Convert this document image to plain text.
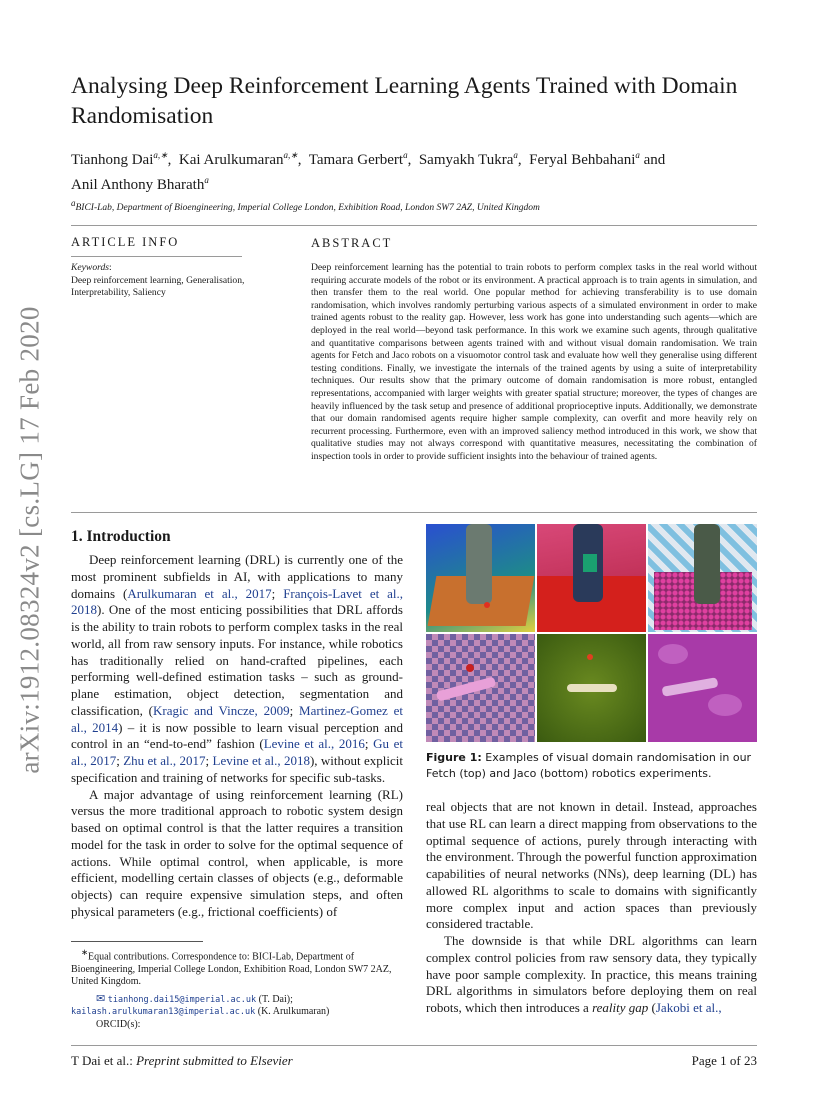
arXiv:1912.08324v2 [cs.LG] 17 Feb 2020
Analysing Deep Reinforcement Learning Agents Trained with Domain
Randomisation
Tianhong Dai$^{a,∗}$,  Kai Arulkumaran$^{a,∗}$,  Tamara Gerbert$^a$,  Samyakh Tukra$^a$,  Feryal Behbahani$^a$ and
Anil Anthony Bharath$^a$
$^a$BICI-Lab, Department of Bioengineering, Imperial College London, Exhibition Road, London SW7 2AZ, United Kingdom
ARTICLE INFO	ABSTRACT
Keywords:
Deep reinforcement learning, Generalisation, Interpretability, Saliency
Deep reinforcement learning has the potential to train robots to perform complex tasks in the real world without requiring accurate models of the robot or its environment. A practical approach is to train agents in simulation, and then transfer them to the real world. One popular method for achieving transferability is to use domain randomisation, which involves randomly perturbing various aspects of a simulated environment in order to make trained agents robust to the reality gap. However, less work has gone into understanding such agents—which are deployed in the real world—beyond task performance. In this work we examine such agents, through qualitative and quantitative comparisons between agents trained with and without visual domain randomisation. We train agents for Fetch and Jaco robots on a visuomotor control task and evaluate how well they generalise using different testing conditions. Finally, we investigate the internals of the trained agents by using a suite of interpretability techniques. Our results show that the primary outcome of domain randomisation is more robust, entangled representations, accompanied with larger weights with greater spatial structure; moreover, the types of changes are heavily influenced by the task setup and presence of additional proprioceptive inputs. Additionally, we demonstrate that our domain randomised agents require higher sample complexity, can overfit and more heavily rely on recurrent processing. Furthermore, even with an improved saliency method introduced in this work, we show that qualitative studies may not always correspond with quantitative measures, necessitating the combination of inspection tools in order to provide sufficient insights into the behaviour of trained agents.
1. Introduction

Deep reinforcement learning (DRL) is currently one of the most prominent subfields in AI, with applications to many domains (Arulkumaran et al., 2017; François-Lavet et al., 2018). One of the most enticing possibilities that DRL affords is the ability to train robots to perform complex tasks in the real world, all from raw sensory inputs. For instance, while robotics has traditionally relied on hand-crafted pipelines, each performing well-defined estimation tasks – such as ground-plane estimation, object detection, segmentation and classification, (Kragic and Vincze, 2009; Martinez-Gomez et al., 2014) – it is now possible to learn visual perception and control in an “end-to-end” fashion (Levine et al., 2016; Gu et al., 2017; Zhu et al., 2017; Levine et al., 2018), without explicit specification and training of networks for specific sub-tasks.

A major advantage of using reinforcement learning (RL) versus the more traditional approach to robotic system design based on optimal control is that the latter requires a transition model for the task in order to solve for the optimal sequence of actions. While optimal control, when applicable, is more efficient, modelling certain classes of objects (e.g., deformable objects) can require expensive simulation steps, and often physical parameters (e.g., frictional coefficients) of

∗Equal contributions. Correspondence to: BICI-Lab, Department of Bioengineering, Imperial College London, Exhibition Road, London SW7 2AZ, United Kingdom.
✉ tianhong.dai15@imperial.ac.uk (T. Dai);
kailash.arulkumaran13@imperial.ac.uk (K. Arulkumaran)
ORCID(s):
Figure 1: Examples of visual domain randomisation in our Fetch (top) and Jaco (bottom) robotics experiments.

real objects that are not known in detail. Instead, approaches that use RL can learn a direct mapping from observations to the optimal sequence of actions, purely through interacting with the environment. Through the powerful function approximation capabilities of neural networks (NNs), deep learning (DL) has allowed RL algorithms to scale to domains with significantly more complex input and action spaces than previously considered tractable.

The downside is that while DRL algorithms can learn complex control policies from raw sensory data, they typically have poor sample complexity. In practice, this means training DRL algorithms in simulators before deploying them on real robots, which then introduces a reality gap (Jakobi et al.,

T Dai et al.: Preprint submitted to Elsevier	Page 1 of 23
